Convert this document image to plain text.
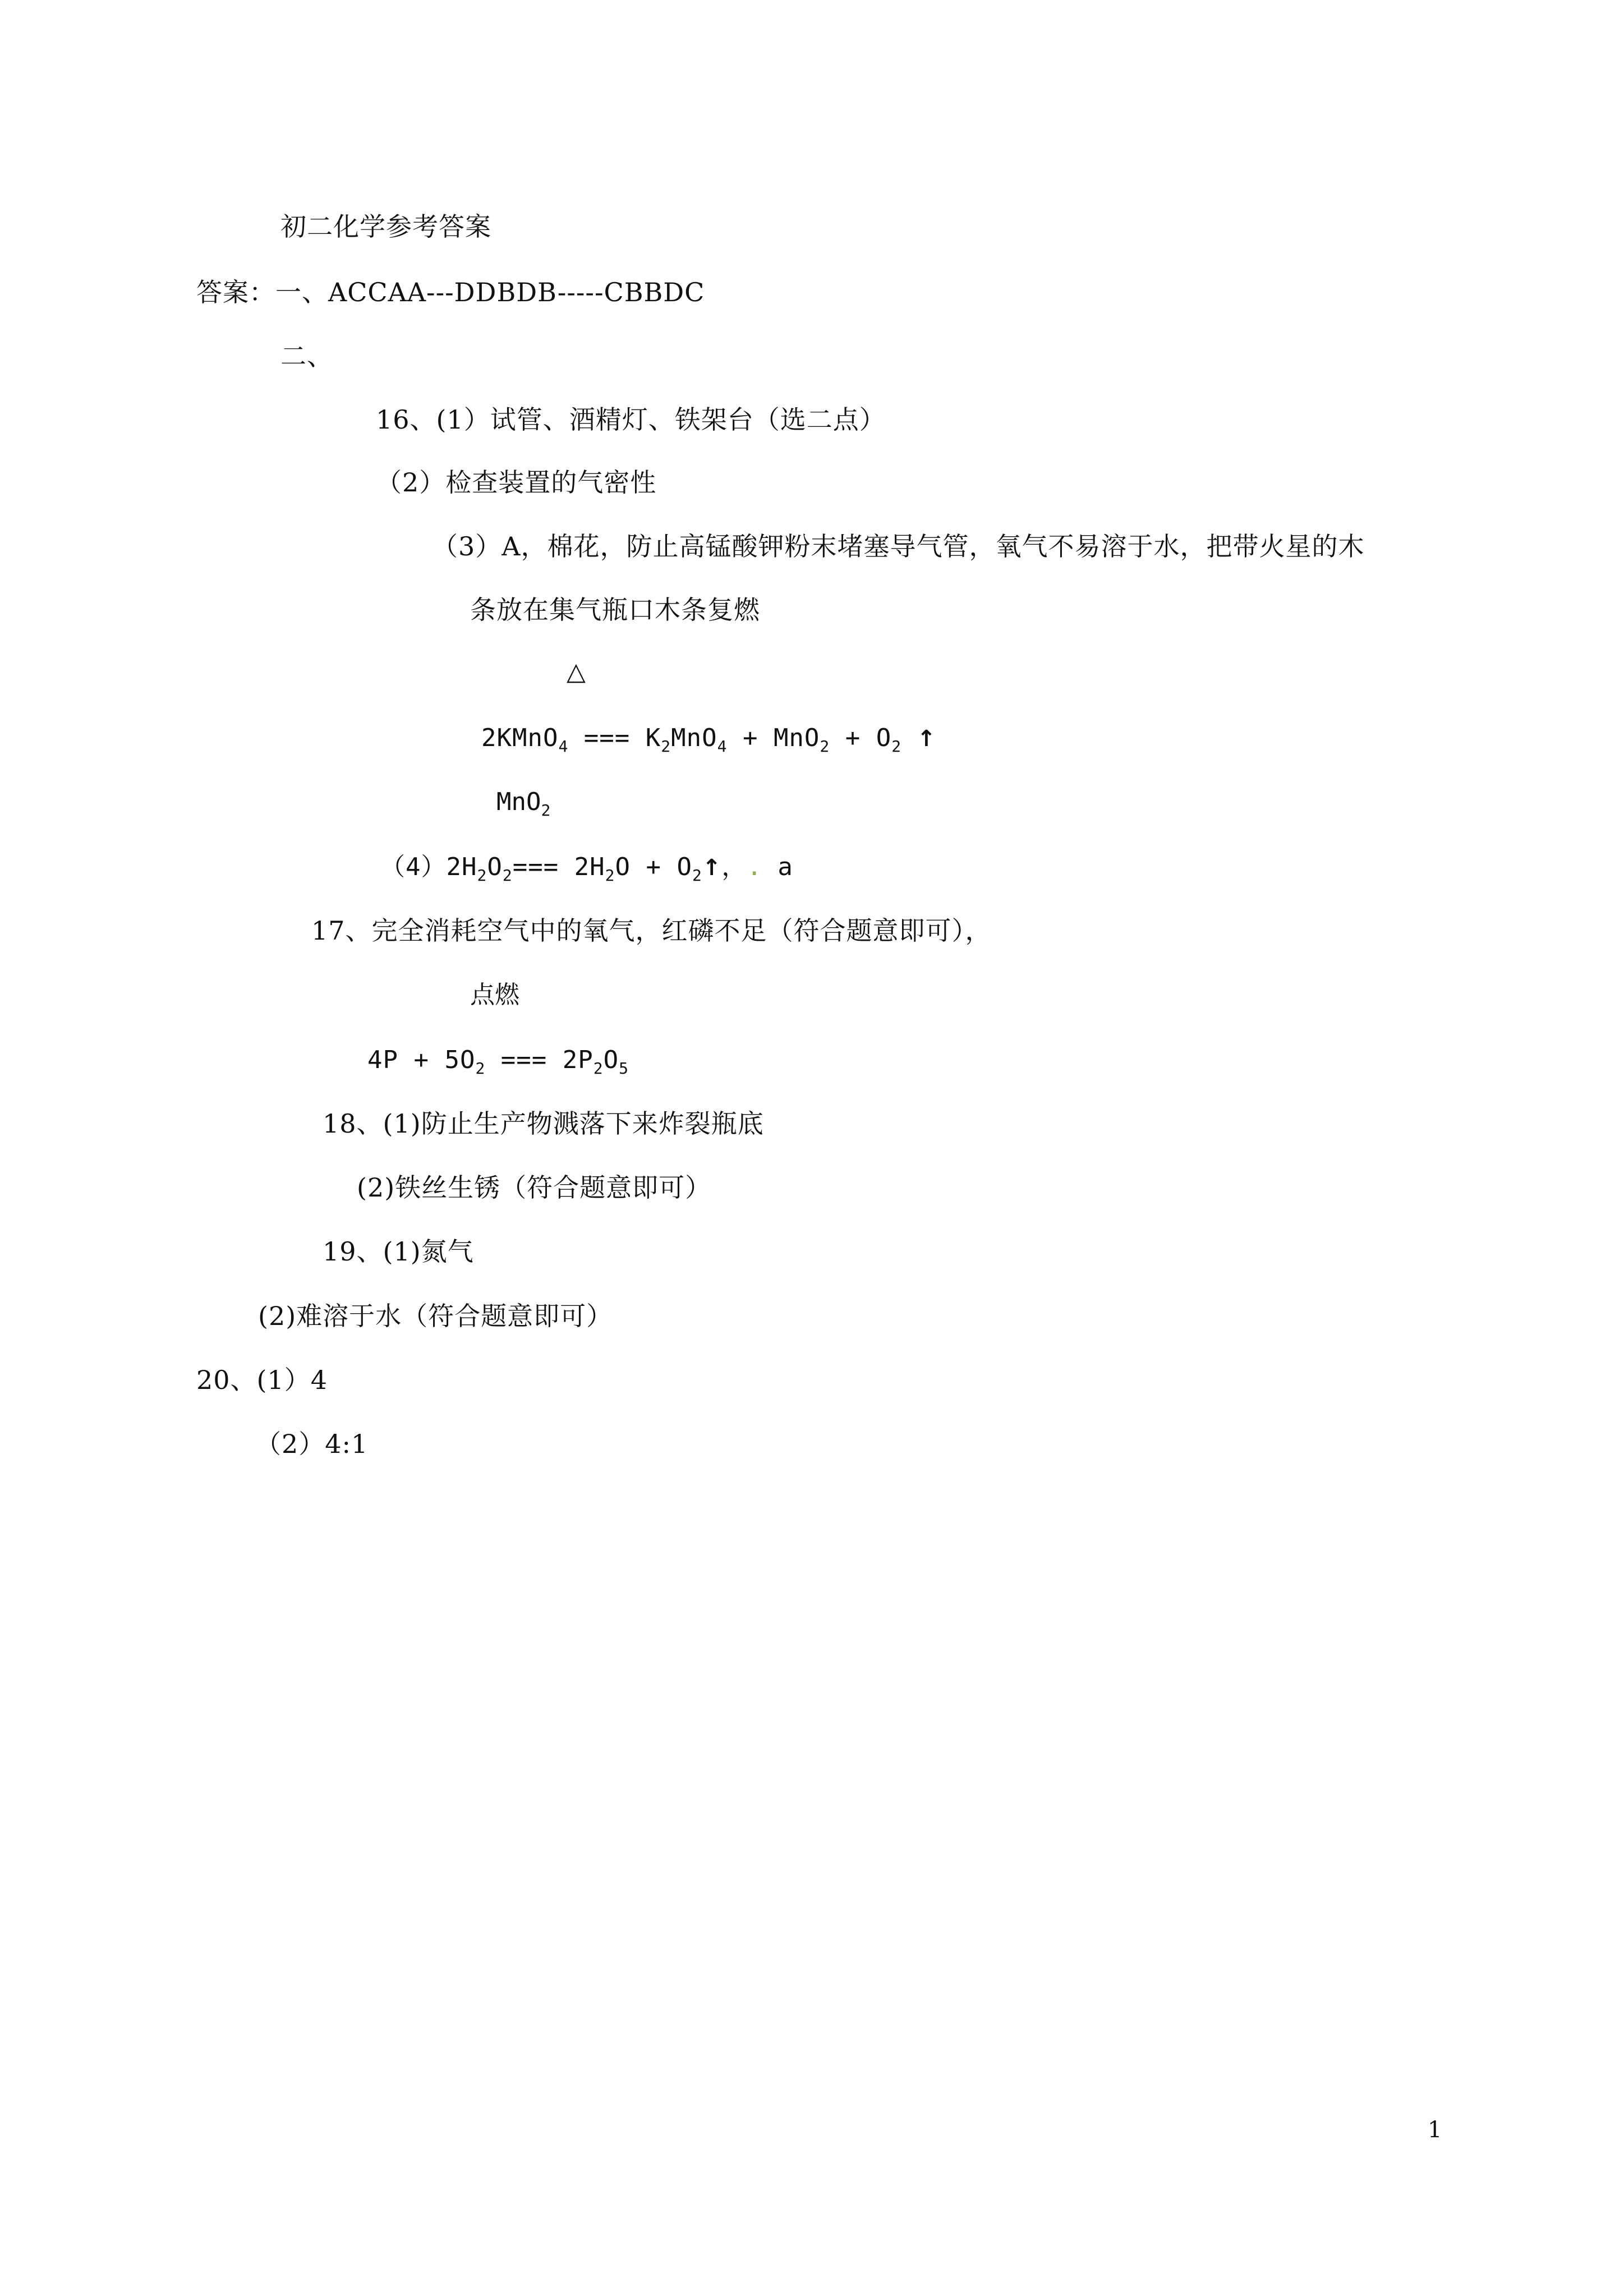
初二化学参考答案
答案：一、ACCAA---DDBDB-----CBBDC
二、
16、(1）试管、酒精灯、铁架台（选二点）
（2）检查装置的气密性
（3）A，棉花，防止高锰酸钾粉末堵塞导气管，氧气不易溶于水，把带火星的木
条放在集气瓶口木条复燃
△
2KMnO$_4$ === $K_2MnO_4 + MnO_2 + O_2$ ↑
MnO$_2$
$(4)2H_2O_2=== 2H_2O$ + $O_2↑$，. a
17、完全消耗空气中的氧气，红磷不足（符合题意即可），
点燃
$4P + 5O_2$ === $2P_2O_5$
18、(1)防止生产物溅落下来炸裂瓶底
(2)铁丝生锈（符合题意即可）
19、(1)氮气
(2)难溶于水（符合题意即可）
20、(1）4
（2）4:1
1
